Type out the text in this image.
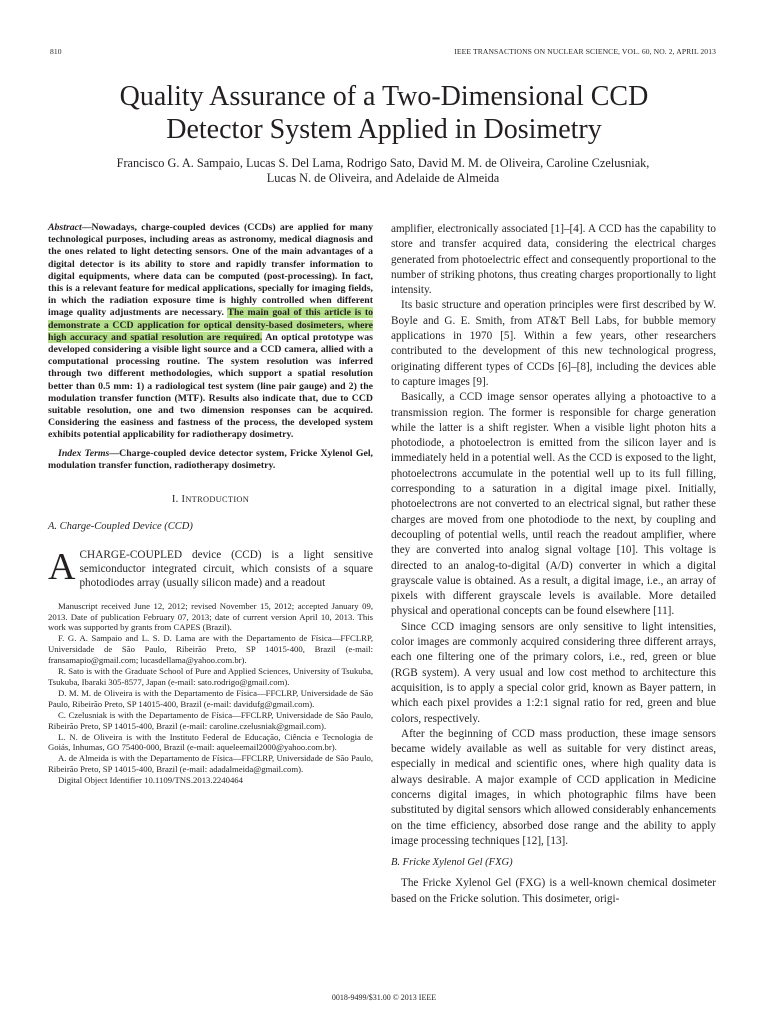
810	IEEE TRANSACTIONS ON NUCLEAR SCIENCE, VOL. 60, NO. 2, APRIL 2013
Quality Assurance of a Two-Dimensional CCD
Detector System Applied in Dosimetry

Francisco G. A. Sampaio, Lucas S. Del Lama, Rodrigo Sato, David M. M. de Oliveira, Caroline Czelusniak,
Lucas N. de Oliveira, and Adelaide de Almeida

Abstract—Nowadays, charge-coupled devices (CCDs) are applied for many technological purposes, including areas as astronomy, medical diagnosis and the ones related to light detecting sensors. One of the main advantages of a digital detector is its ability to store and rapidly transfer information to digital equipments, where data can be computed (post-processing). In fact, this is a relevant feature for medical applications, specially for imaging fields, in which the radiation exposure time is highly controlled when different image quality adjustments are necessary. The main goal of this article is to demonstrate a CCD application for optical density-based dosimeters, where high accuracy and spatial resolution are required. An optical prototype was developed considering a visible light source and a CCD camera, allied with a computational processing routine. The system resolution was inferred through two different methodologies, which support a spatial resolution better than 0.5 mm: 1) a radiological test system (line pair gauge) and 2) the modulation transfer function (MTF). Results also indicate that, due to CCD suitable resolution, one and two dimension responses can be acquired. Considering the easiness and fastness of the process, the developed system exhibits potential applicability for radiotherapy dosimetry.

Index Terms—Charge-coupled device detector system, Fricke Xylenol Gel, modulation transfer function, radiotherapy dosimetry.

I. INTRODUCTION
A. Charge-Coupled Device (CCD)

ACHARGE-COUPLED device (CCD) is a light sensitive semiconductor integrated circuit, which consists of a square photodiodes array (usually silicon made) and a readout

Manuscript received June 12, 2012; revised November 15, 2012; accepted January 09, 2013. Date of publication February 07, 2013; date of current version April 10, 2013. This work was supported by grants from CAPES (Brazil).

F. G. A. Sampaio and L. S. D. Lama are with the Departamento de Física—FFCLRP, Universidade de São Paulo, Ribeirão Preto, SP 14015-400, Brazil (e-mail: fransamapio@gmail.com; lucasdellama@yahoo.com.br).

R. Sato is with the Graduate School of Pure and Applied Sciences, University of Tsukuba, Tsukuba, Ibaraki 305-8577, Japan (e-mail: sato.rodrigo@gmail.com).

D. M. M. de Oliveira is with the Departamento de Física—FFCLRP, Universidade de São Paulo, Ribeirão Preto, SP 14015-400, Brazil (e-mail: davidufg@gmail.com).

C. Czelusniak is with the Departamento de Física—FFCLRP, Universidade de São Paulo, Ribeirão Preto, SP 14015-400, Brazil (e-mail: caroline.czelusniak@gmail.com).

L. N. de Oliveira is with the Instituto Federal de Educação, Ciência e Tecnologia de Goiás, Inhumas, GO 75400-000, Brazil (e-mail: aqueleemail2000@yahoo.com.br).

A. de Almeida is with the Departamento de Física—FFCLRP, Universidade de São Paulo, Ribeirão Preto, SP 14015-400, Brazil (e-mail: adadalmeida@gmail.com).

Digital Object Identifier 10.1109/TNS.2013.2240464

amplifier, electronically associated [1]–[4]. A CCD has the capability to store and transfer acquired data, considering the electrical charges generated from photoelectric effect and consequently proportional to the number of striking photons, thus creating charges proportionally to light intensity.

Its basic structure and operation principles were first described by W. Boyle and G. E. Smith, from AT&T Bell Labs, for bubble memory applications in 1970 [5]. Within a few years, other researchers contributed to the development of this new technological progress, originating different types of CCDs [6]–[8], including the devices able to capture images [9].

Basically, a CCD image sensor operates allying a photoactive to a transmission region. The former is responsible for charge generation while the latter is a shift register. When a visible light photon hits a photodiode, a photoelectron is emitted from the silicon layer and is immediately held in a potential well. As the CCD is exposed to the light, photoelectrons accumulate in the potential well up to its full filling, corresponding to a saturation in a digital image pixel. Initially, photoelectrons are not converted to an electrical signal, but rather these charges are moved from one photodiode to the next, by coupling and decoupling of potential wells, until reach the readout amplifier, where they are converted into analog signal voltage [10]. This voltage is directed to an analog-to-digital (A/D) converter in which a digital grayscale value is obtained. As a result, a digital image, i.e., an array of pixels with different grayscale levels is available. More detailed physical and operational concepts can be found elsewhere [11].

Since CCD imaging sensors are only sensitive to light intensities, color images are commonly acquired considering three different arrays, each one filtering one of the primary colors, i.e., red, green or blue (RGB system). A very usual and low cost method to architecture this acquisition, is to apply a special color grid, known as Bayer pattern, in which each pixel provides a 1:2:1 signal ratio for red, green and blue colors, respectively.

After the beginning of CCD mass production, these image sensors became widely available as well as suitable for very distinct areas, especially in medical and scientific ones, where high quality data is always desirable. A major example of CCD application in Medicine concerns digital images, in which photographic films have been substituted by digital sensors which allowed considerably enhancements on the time efficiency, absorbed dose range and the ability to apply image processing techniques [12], [13].

B. Fricke Xylenol Gel (FXG)

The Fricke Xylenol Gel (FXG) is a well-known chemical dosimeter based on the Fricke solution. This dosimeter, origi-

0018-9499/$31.00 © 2013 IEEE
